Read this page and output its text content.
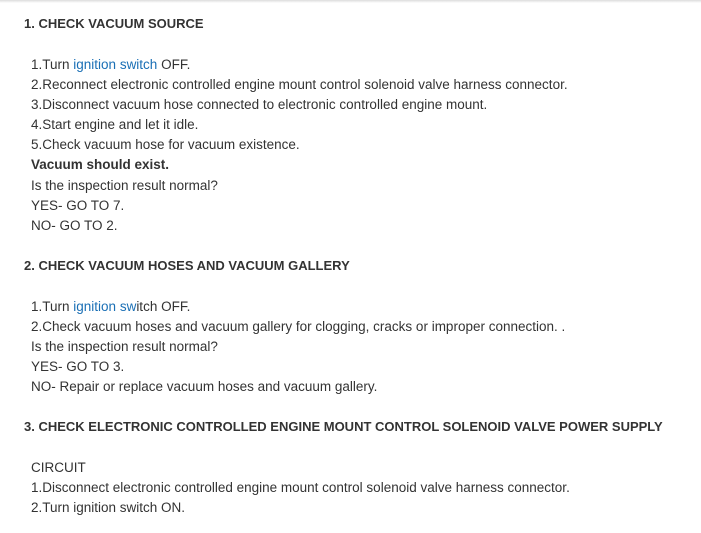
1. CHECK VACUUM SOURCE
1.Turn ignition switch OFF.
2.Reconnect electronic controlled engine mount control solenoid valve harness connector.
3.Disconnect vacuum hose connected to electronic controlled engine mount.
4.Start engine and let it idle.
5.Check vacuum hose for vacuum existence.
Vacuum should exist.
Is the inspection result normal?
YES- GO TO 7.
NO- GO TO 2.
2. CHECK VACUUM HOSES AND VACUUM GALLERY
1.Turn ignition switch OFF.
2.Check vacuum hoses and vacuum gallery for clogging, cracks or improper connection. .
Is the inspection result normal?
YES- GO TO 3.
NO- Repair or replace vacuum hoses and vacuum gallery.
3. CHECK ELECTRONIC CONTROLLED ENGINE MOUNT CONTROL SOLENOID VALVE POWER SUPPLY
CIRCUIT
1.Disconnect electronic controlled engine mount control solenoid valve harness connector.
2.Turn ignition switch ON.
